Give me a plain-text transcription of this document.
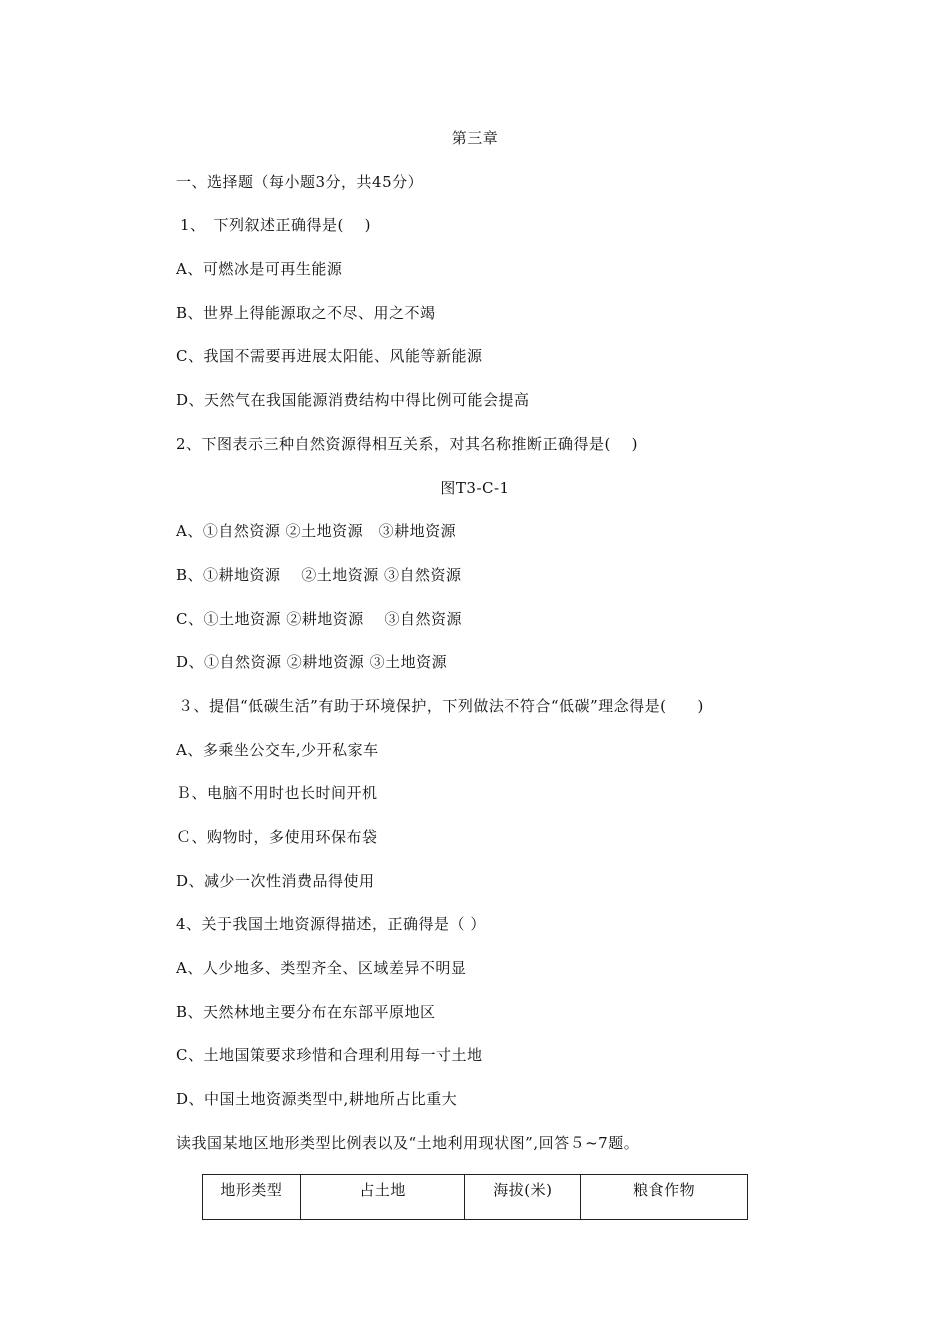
第三章
一、选择题（每小题3分，共45分）
1、　下列叙述正确得是(　 )
A、可燃冰是可再生能源
B、世界上得能源取之不尽、用之不竭
C、我国不需要再进展太阳能、风能等新能源
D、天然气在我国能源消费结构中得比例可能会提高
2、下图表示三种自然资源得相互关系，对其名称推断正确得是(　 )
图T3-C-1
A、①自然资源 ②土地资源　③耕地资源
B、①耕地资源　 ②土地资源 ③自然资源
C、①土地资源 ②耕地资源　 ③自然资源
D、①自然资源 ②耕地资源 ③土地资源
３、提倡“低碳生活”有助于环境保护，下列做法不符合“低碳”理念得是(　　)
A、多乘坐公交车,少开私家车
Ｂ、电脑不用时也长时间开机
Ｃ、购物时，多使用环保布袋
D、减少一次性消费品得使用
4、关于我国土地资源得描述，正确得是（ ）
A、人少地多、类型齐全、区域差异不明显
B、天然林地主要分布在东部平原地区
C、土地国策要求珍惜和合理利用每一寸土地
D、中国土地资源类型中,耕地所占比重大
读我国某地区地形类型比例表以及“土地利用现状图”,回答５~7题。
地形类型	占土地	海拔(米)	粮食作物
